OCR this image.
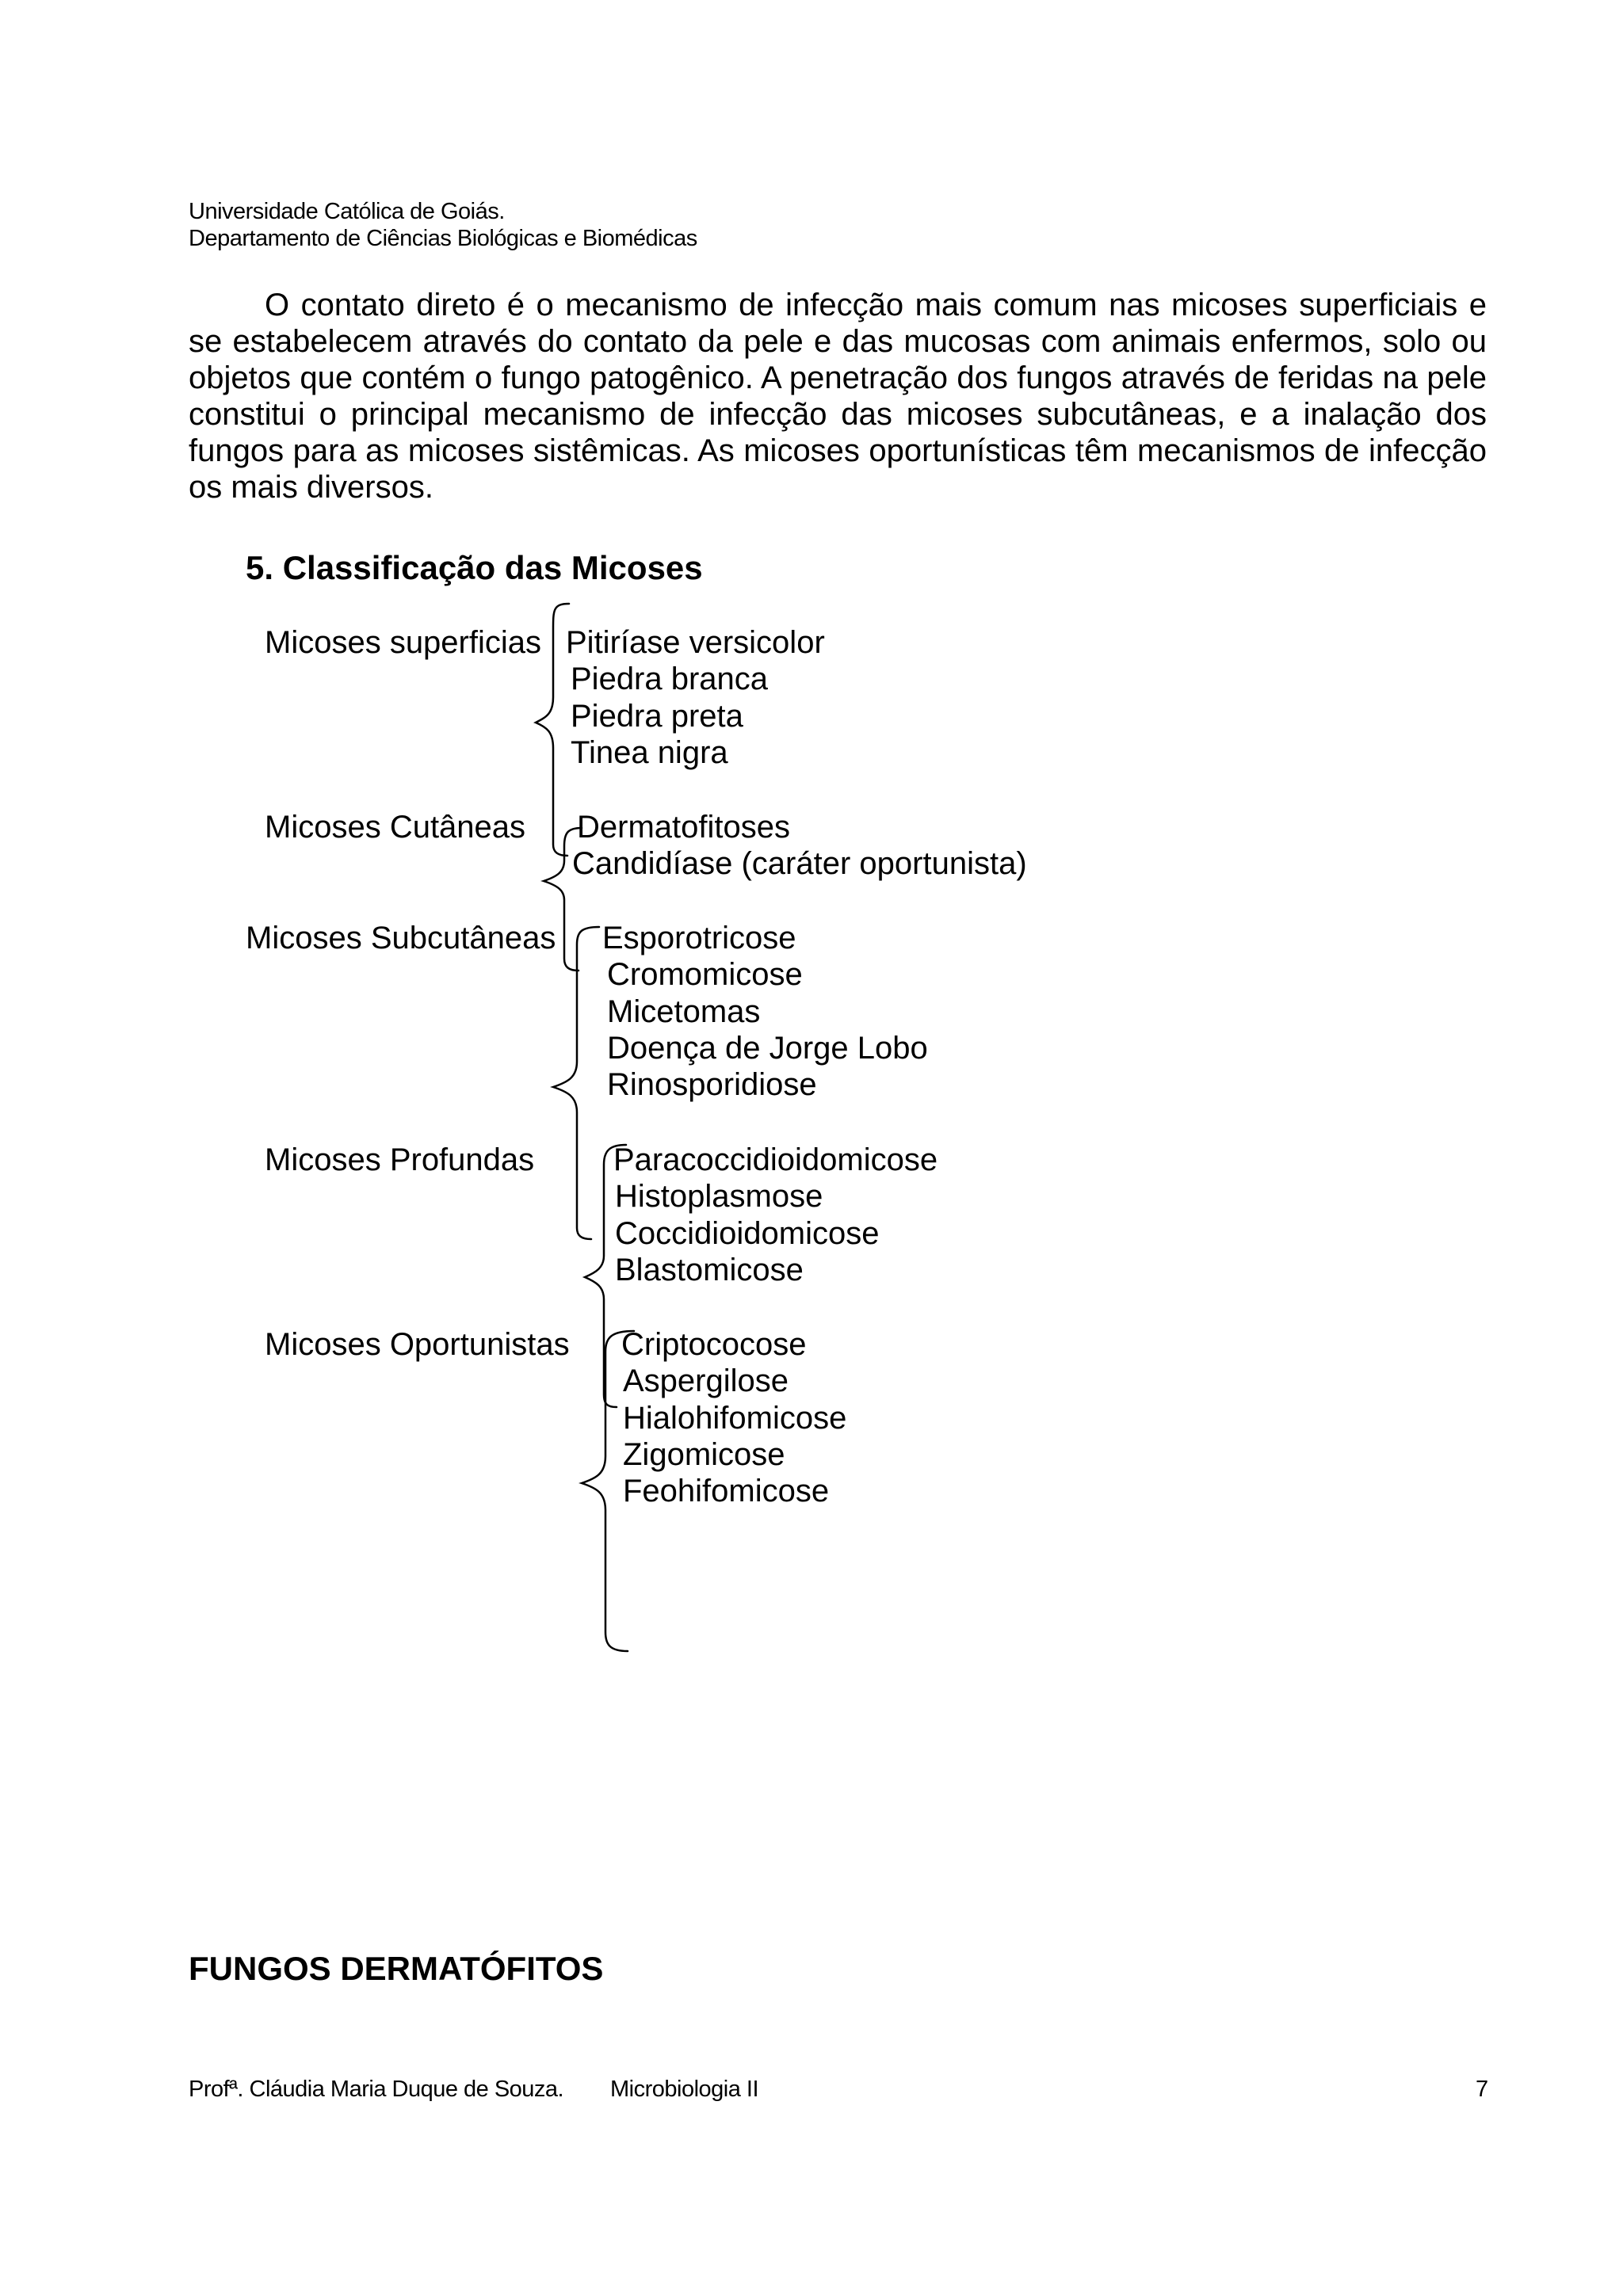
Universidade Católica de Goiás.
Departamento de Ciências Biológicas e Biomédicas

O contato direto é o mecanismo de infecção mais comum nas micoses superficiais e se estabelecem através do contato da pele e das mucosas com animais enfermos, solo ou objetos que contém o fungo patogênico. A penetração dos fungos através de feridas na pele constitui o principal mecanismo de infecção das micoses subcutâneas, e a inalação dos fungos para as micoses sistêmicas. As micoses oportunísticas têm mecanismos de infecção os mais diversos.

5. Classificação das Micoses
Micoses superficias
Micoses Cutâneas
Micoses Subcutâneas
Micoses Profundas
Micoses Oportunistas
Pitiríase versicolor
Piedra branca
Piedra preta
Tinea nigra
Dermatofitoses
Candidíase (caráter oportunista)
Esporotricose
Cromomicose
Micetomas
Doença de Jorge Lobo
Rinosporidiose
Paracoccidioidomicose
Histoplasmose
Coccidioidomicose
Blastomicose
Criptococose
Aspergilose
Hialohifomicose
Zigomicose
Feohifomicose
FUNGOS DERMATÓFITOS
Profª. Cláudia Maria Duque de Souza. Microbiologia II	7
